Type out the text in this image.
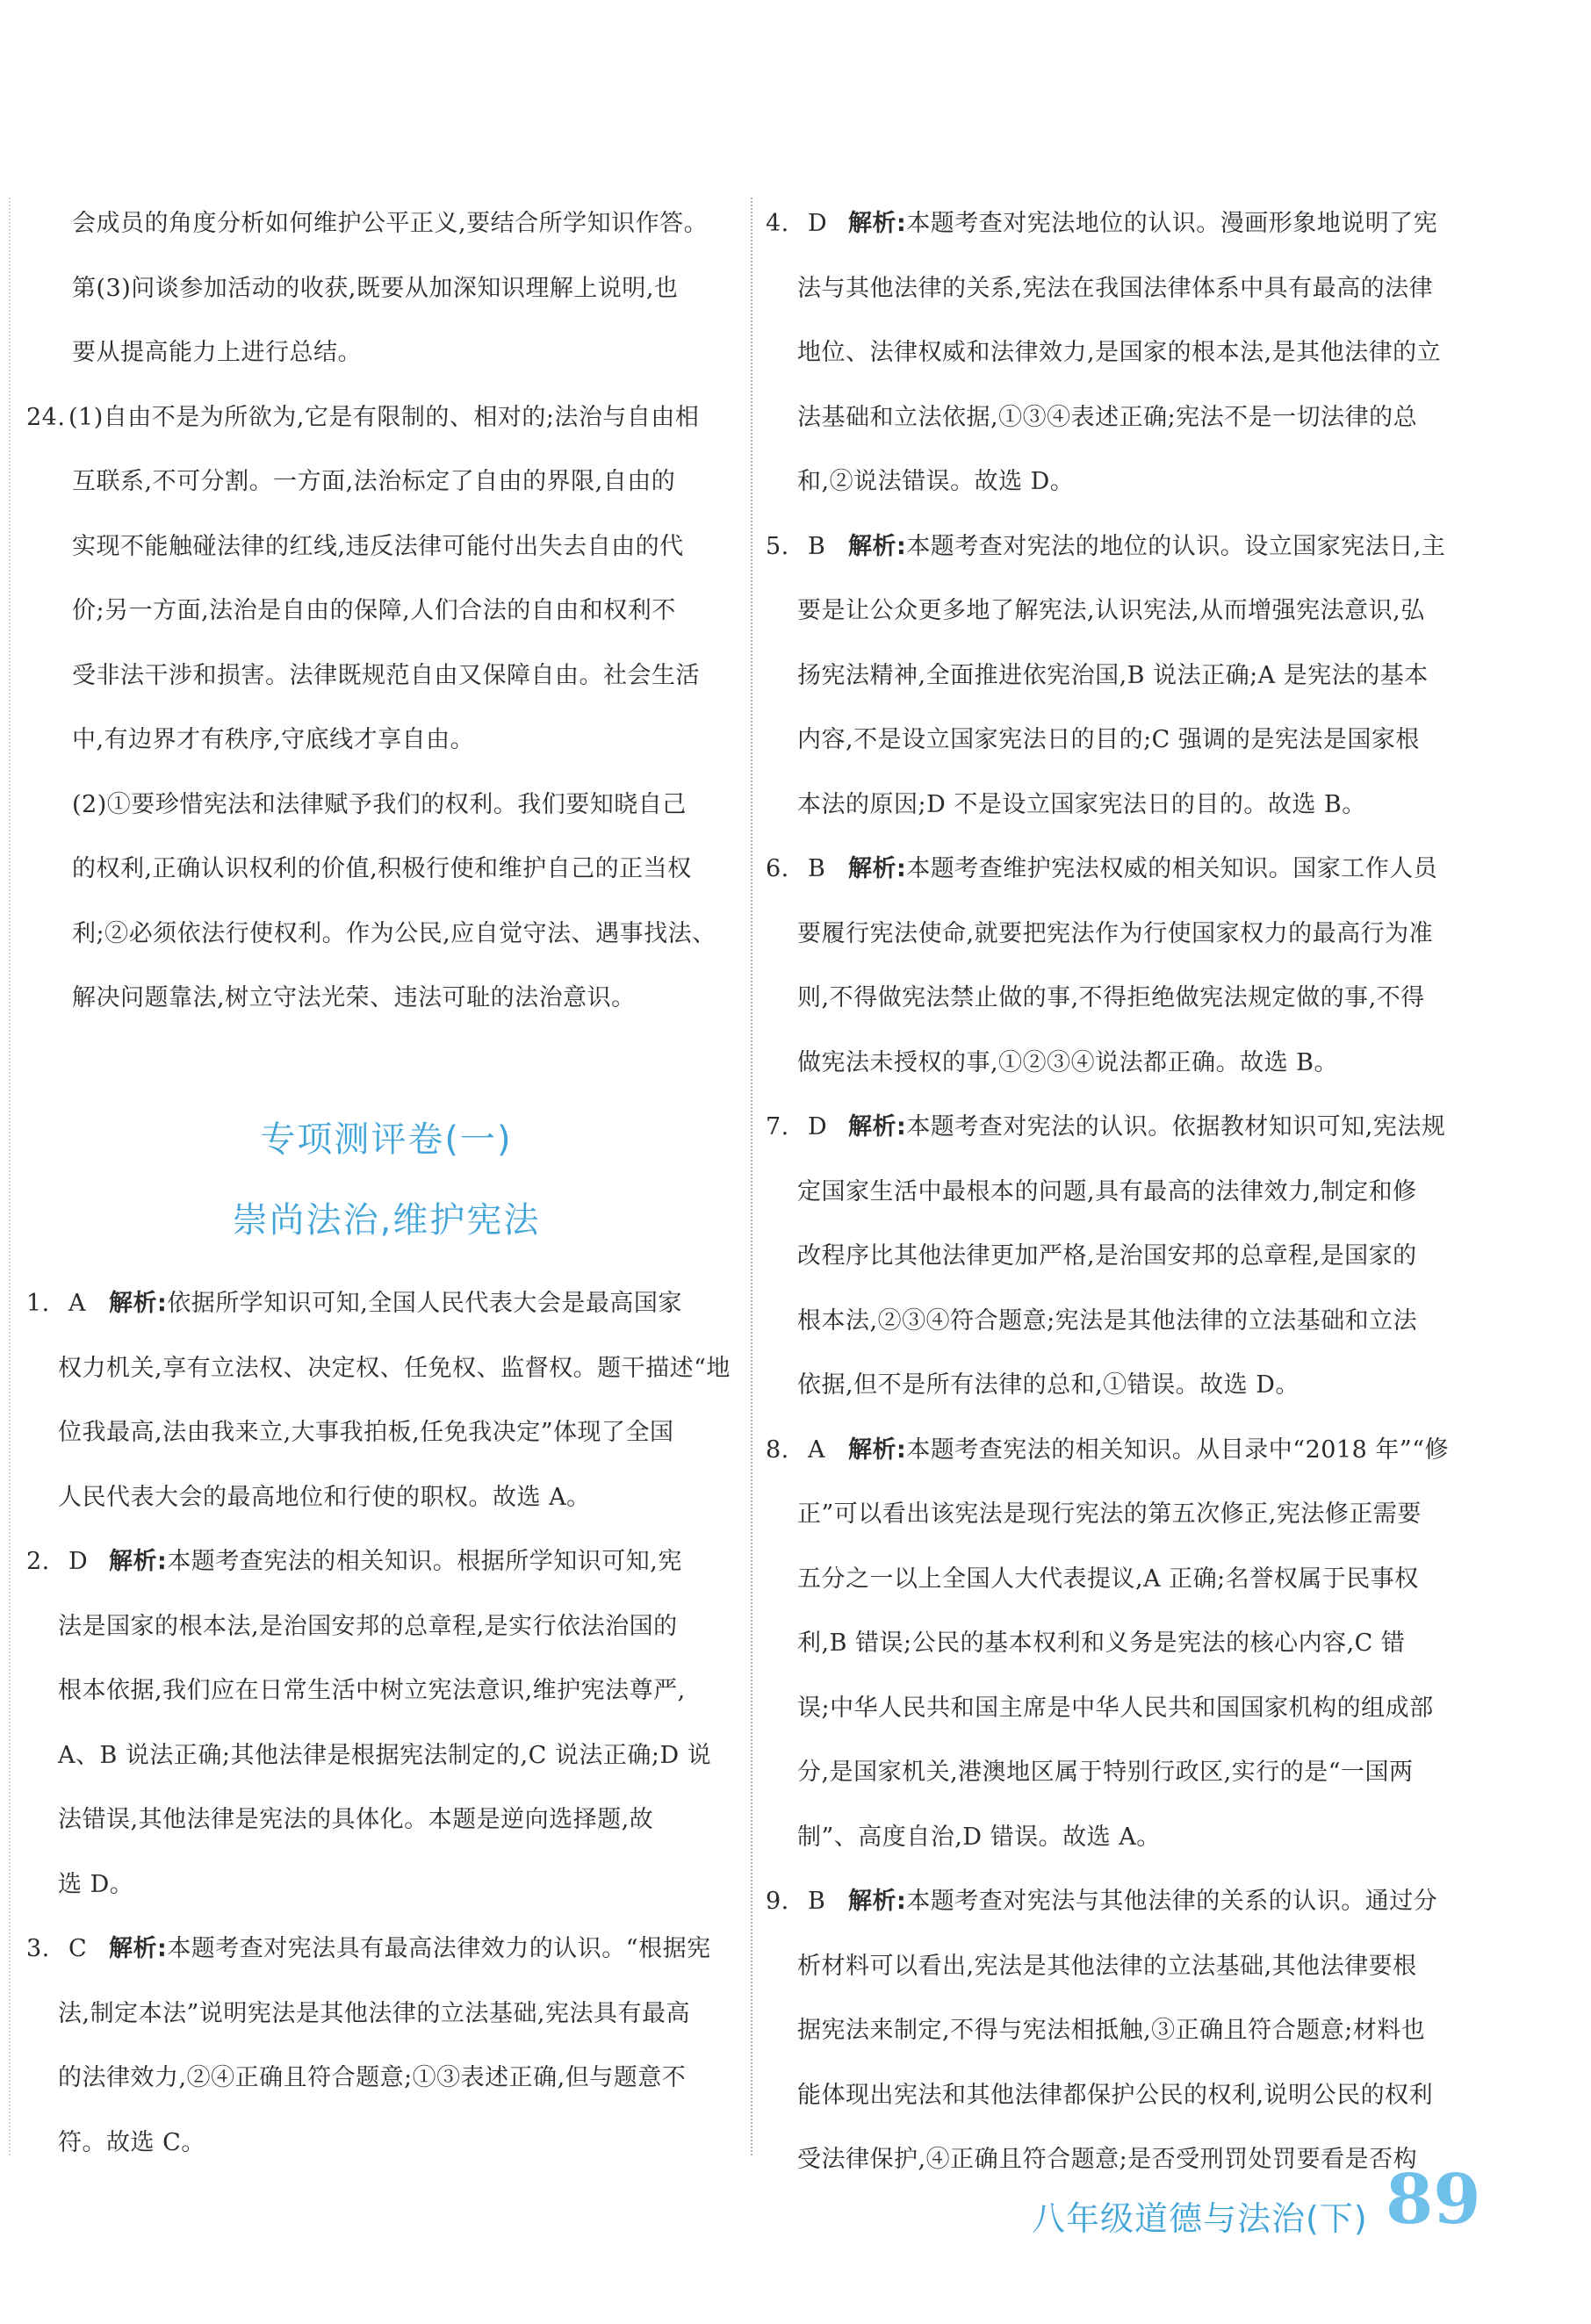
会成员的角度分析如何维护公平正义,要结合所学知识作答。
第(3)问谈参加活动的收获,既要从加深知识理解上说明,也
要从提高能力上进行总结。
24. (1)自由不是为所欲为,它是有限制的、相对的;法治与自由相
互联系,不可分割。一方面,法治标定了自由的界限,自由的
实现不能触碰法律的红线,违反法律可能付出失去自由的代
价;另一方面,法治是自由的保障,人们合法的自由和权利不
受非法干涉和损害。法律既规范自由又保障自由。社会生活
中,有边界才有秩序,守底线才享自由。
(2)①要珍惜宪法和法律赋予我们的权利。我们要知晓自己
的权利,正确认识权利的价值,积极行使和维护自己的正当权
利;②必须依法行使权利。作为公民,应自觉守法、遇事找法、
解决问题靠法,树立守法光荣、违法可耻的法治意识。
专项测评卷(一)
崇尚法治,维护宪法
1. A 解析:依据所学知识可知,全国人民代表大会是最高国家
权力机关,享有立法权、决定权、任免权、监督权。题干描述“地
位我最高,法由我来立,大事我拍板,任免我决定”体现了全国
人民代表大会的最高地位和行使的职权。故选 A。
2. D 解析:本题考查宪法的相关知识。根据所学知识可知,宪
法是国家的根本法,是治国安邦的总章程,是实行依法治国的
根本依据,我们应在日常生活中树立宪法意识,维护宪法尊严,
A、B 说法正确;其他法律是根据宪法制定的,C 说法正确;D 说
法错误,其他法律是宪法的具体化。本题是逆向选择题,故
选 D。
3. C 解析:本题考查对宪法具有最高法律效力的认识。“根据宪
法,制定本法”说明宪法是其他法律的立法基础,宪法具有最高
的法律效力,②④正确且符合题意;①③表述正确,但与题意不
符。故选 C。
4. D 解析:本题考查对宪法地位的认识。漫画形象地说明了宪
法与其他法律的关系,宪法在我国法律体系中具有最高的法律
地位、法律权威和法律效力,是国家的根本法,是其他法律的立
法基础和立法依据,①③④表述正确;宪法不是一切法律的总
和,②说法错误。故选 D。
5. B 解析:本题考查对宪法的地位的认识。设立国家宪法日,主
要是让公众更多地了解宪法,认识宪法,从而增强宪法意识,弘
扬宪法精神,全面推进依宪治国,B 说法正确;A 是宪法的基本
内容,不是设立国家宪法日的目的;C 强调的是宪法是国家根
本法的原因;D 不是设立国家宪法日的目的。故选 B。
6. B 解析:本题考查维护宪法权威的相关知识。国家工作人员
要履行宪法使命,就要把宪法作为行使国家权力的最高行为准
则,不得做宪法禁止做的事,不得拒绝做宪法规定做的事,不得
做宪法未授权的事,①②③④说法都正确。故选 B。
7. D 解析:本题考查对宪法的认识。依据教材知识可知,宪法规
定国家生活中最根本的问题,具有最高的法律效力,制定和修
改程序比其他法律更加严格,是治国安邦的总章程,是国家的
根本法,②③④符合题意;宪法是其他法律的立法基础和立法
依据,但不是所有法律的总和,①错误。故选 D。
8. A 解析:本题考查宪法的相关知识。从目录中“2018 年”“修
正”可以看出该宪法是现行宪法的第五次修正,宪法修正需要
五分之一以上全国人大代表提议,A 正确;名誉权属于民事权
利,B 错误;公民的基本权利和义务是宪法的核心内容,C 错
误;中华人民共和国主席是中华人民共和国国家机构的组成部
分,是国家机关,港澳地区属于特别行政区,实行的是“一国两
制”、高度自治,D 错误。故选 A。
9. B 解析:本题考查对宪法与其他法律的关系的认识。通过分
析材料可以看出,宪法是其他法律的立法基础,其他法律要根
据宪法来制定,不得与宪法相抵触,③正确且符合题意;材料也
能体现出宪法和其他法律都保护公民的权利,说明公民的权利
受法律保护,④正确且符合题意;是否受刑罚处罚要看是否构
八年级道德与法治(下) 89
